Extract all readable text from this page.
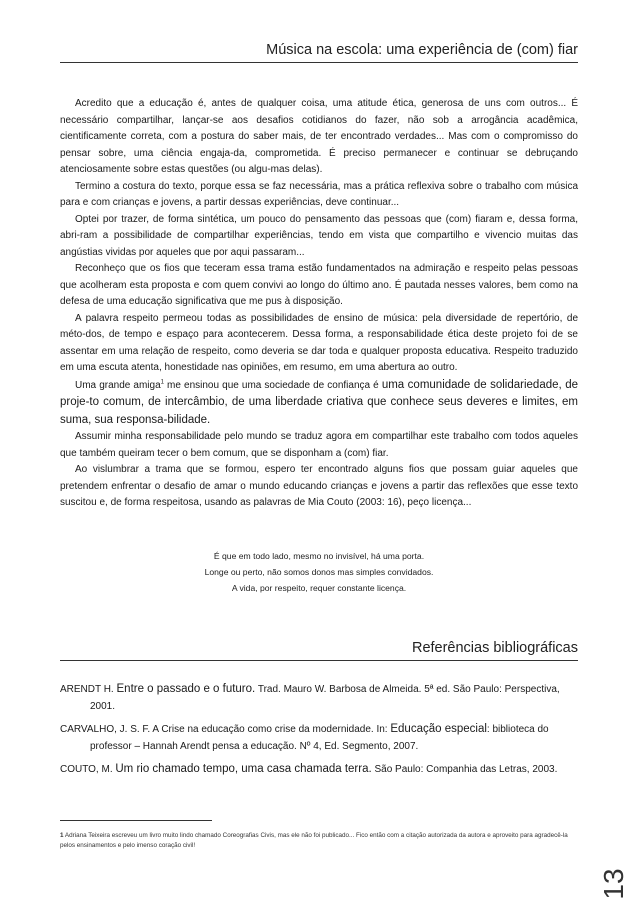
Música na escola: uma experiência de (com) fiar

Acredito que a educação é, antes de qualquer coisa, uma atitude ética, generosa de uns com outros... É necessário compartilhar, lançar-se aos desafios cotidianos do fazer, não sob a arrogância acadêmica, cientificamente correta, com a postura do saber mais, de ter encontrado verdades... Mas com o compromisso do pensar sobre, uma ciência engaja-da, comprometida. É preciso permanecer e continuar se debruçando atenciosamente sobre estas questões (ou algu-mas delas).

Termino a costura do texto, porque essa se faz necessária, mas a prática reflexiva sobre o trabalho com música para e com crianças e jovens, a partir dessas experiências, deve continuar...

Optei por trazer, de forma sintética, um pouco do pensamento das pessoas que (com) fiaram e, dessa forma, abri-ram a possibilidade de compartilhar experiências, tendo em vista que compartilho e vivencio muitas das angústias vividas por aqueles que por aqui passaram...

Reconheço que os fios que teceram essa trama estão fundamentados na admiração e respeito pelas pessoas que acolheram esta proposta e com quem convivi ao longo do último ano. É pautada nesses valores, bem como na defesa de uma educação significativa que me pus à disposição.

A palavra respeito permeou todas as possibilidades de ensino de música: pela diversidade de repertório, de méto-dos, de tempo e espaço para acontecerem. Dessa forma, a responsabilidade ética deste projeto foi de se assentar em uma relação de respeito, como deveria se dar toda e qualquer proposta educativa. Respeito traduzido em uma escuta atenta, honestidade nas opiniões, em resumo, em uma abertura ao outro.

Uma grande amiga$^1$ me ensinou que uma sociedade de confiança é uma comunidade de solidariedade, de proje-to comum, de intercâmbio, de uma liberdade criativa que conhece seus deveres e limites, em suma, sua responsa-bilidade.

Assumir minha responsabilidade pelo mundo se traduz agora em compartilhar este trabalho com todos aqueles que também queiram tecer o bem comum, que se disponham a (com) fiar.

Ao vislumbrar a trama que se formou, espero ter encontrado alguns fios que possam guiar aqueles que pretendem enfrentar o desafio de amar o mundo educando crianças e jovens a partir das reflexões que esse texto suscitou e, de forma respeitosa, usando as palavras de Mia Couto (2003: 16), peço licença...

É que em todo lado, mesmo no invisível, há uma porta.
Longe ou perto, não somos donos mas simples convidados.
A vida, por respeito, requer constante licença.
Referências bibliográficas

ARENDT H. Entre o passado e o futuro. Trad. Mauro W. Barbosa de Almeida. 5ª ed. São Paulo: Perspectiva, 2001.

CARVALHO, J. S. F. A Crise na educação como crise da modernidade. In: Educação especial: biblioteca do professor – Hannah Arendt pensa a educação. Nº 4, Ed. Segmento, 2007.

COUTO, M. Um rio chamado tempo, uma casa chamada terra. São Paulo: Companhia das Letras, 2003.

1 Adriana Teixeira escreveu um livro muito lindo chamado Coreografias Civis, mas ele não foi publicado... Fico então com a citação autorizada da autora e aproveito para agradecê-la pelos ensinamentos e pelo imenso coração civil!
13
